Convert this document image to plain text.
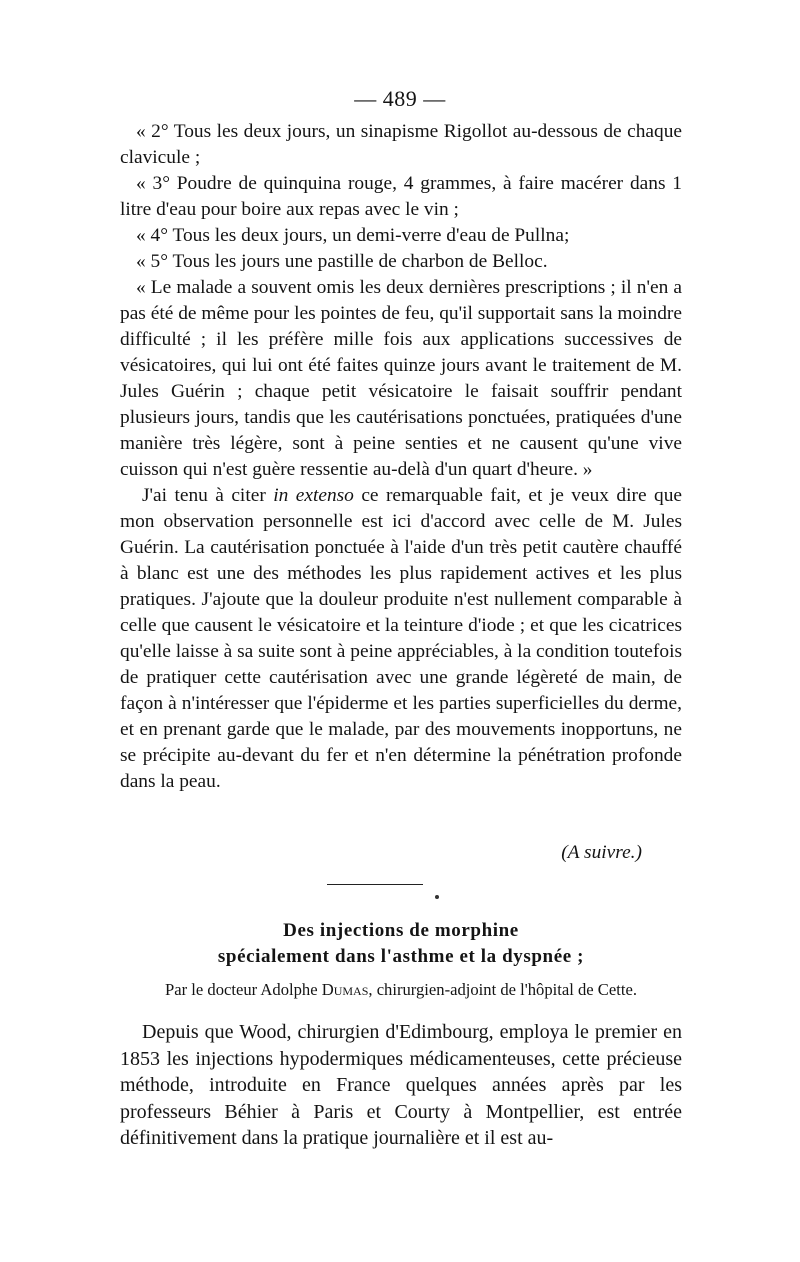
— 489 —

« 2° Tous les deux jours, un sinapisme Rigollot au-dessous de chaque clavicule ;

« 3° Poudre de quinquina rouge, 4 grammes, à faire macérer dans 1 litre d'eau pour boire aux repas avec le vin ;

« 4° Tous les deux jours, un demi-verre d'eau de Pullna;

« 5° Tous les jours une pastille de charbon de Belloc.

« Le malade a souvent omis les deux dernières prescriptions ; il n'en a pas été de même pour les pointes de feu, qu'il supportait sans la moindre difficulté ; il les préfère mille fois aux applications successives de vésicatoires, qui lui ont été faites quinze jours avant le traitement de M. Jules Guérin ; chaque petit vésicatoire le faisait souffrir pendant plusieurs jours, tandis que les cautérisations ponctuées, pratiquées d'une manière très légère, sont à peine senties et ne causent qu'une vive cuisson qui n'est guère ressentie au-delà d'un quart d'heure. »

J'ai tenu à citer in extenso ce remarquable fait, et je veux dire que mon observation personnelle est ici d'accord avec celle de M. Jules Guérin. La cautérisation ponctuée à l'aide d'un très petit cautère chauffé à blanc est une des méthodes les plus rapidement actives et les plus pratiques. J'ajoute que la douleur produite n'est nullement comparable à celle que causent le vésicatoire et la teinture d'iode ; et que les cicatrices qu'elle laisse à sa suite sont à peine appréciables, à la condition toutefois de pratiquer cette cautérisation avec une grande légèreté de main, de façon à n'intéresser que l'épiderme et les parties superficielles du derme, et en prenant garde que le malade, par des mouvements inopportuns, ne se précipite au-devant du fer et n'en détermine la pénétration profonde dans la peau.

(A suivre.)
Des injections de morphine
spécialement dans l'asthme et la dyspnée ;
Par le docteur Adolphe Dumas, chirurgien-adjoint de l'hôpital de Cette.

Depuis que Wood, chirurgien d'Edimbourg, employa le premier en 1853 les injections hypodermiques médicamenteuses, cette précieuse méthode, introduite en France quelques années après par les professeurs Béhier à Paris et Courty à Montpellier, est entrée définitivement dans la pratique journalière et il est au-
